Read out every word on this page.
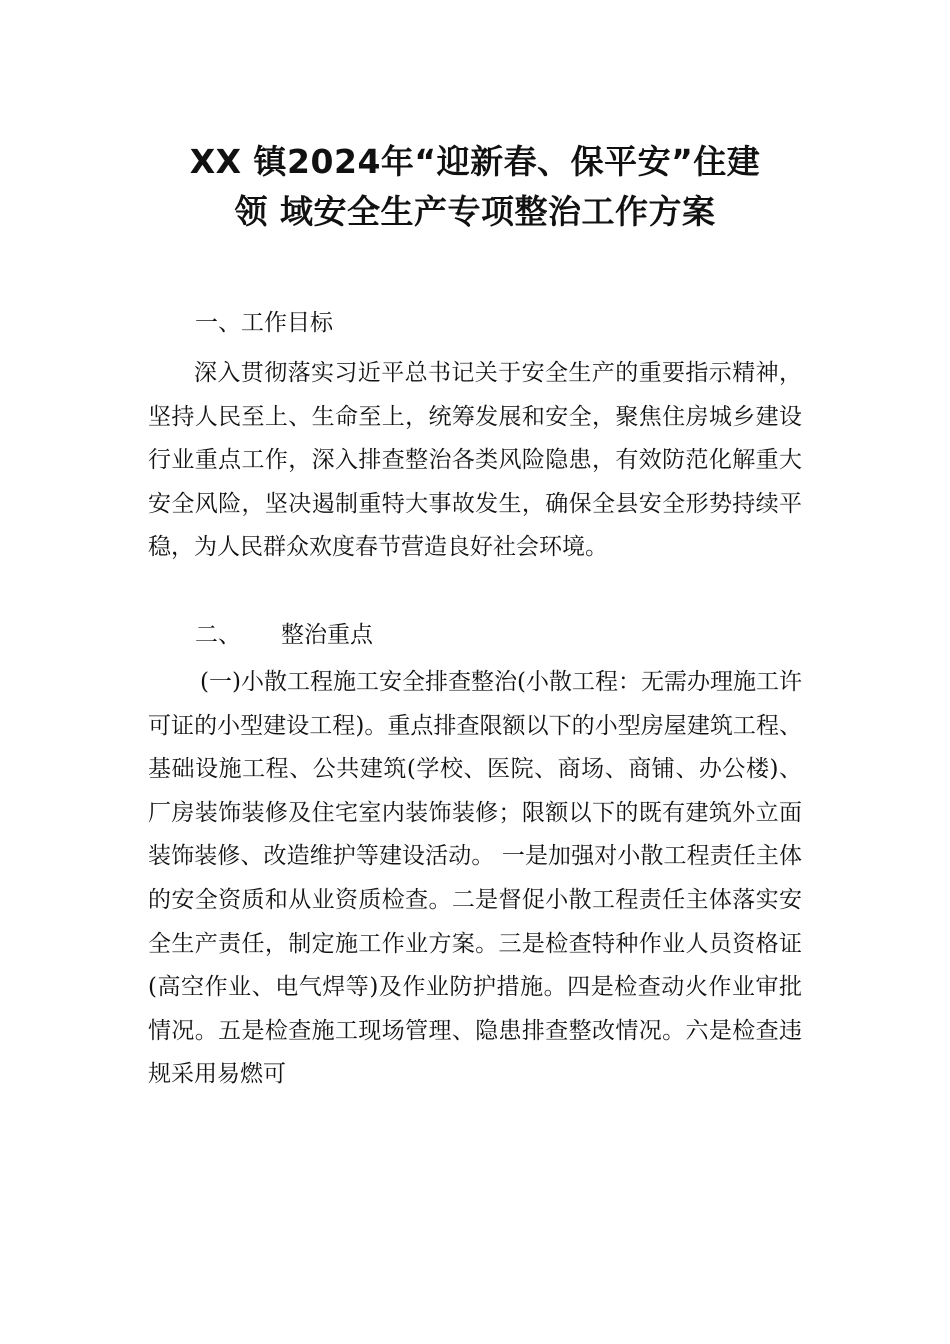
XX 镇2024年“迎新春、保平安”住建
领 域安全生产专项整治工作方案
一、工作目标
深入贯彻落实习近平总书记关于安全生产的重要指示精神，坚持人民至上、生命至上，统筹发展和安全，聚焦住房城乡建设行业重点工作，深入排查整治各类风险隐患，有效防范化解重大安全风险，坚决遏制重特大事故发生，确保全县安全形势持续平稳，为人民群众欢度春节营造良好社会环境。
二、 整治重点
(一)小散工程施工安全排查整治(小散工程：无需办理施工许可证的小型建设工程)。重点排查限额以下的小型房屋建筑工程、基础设施工程、公共建筑(学校、医院、商场、商铺、办公楼)、厂房装饰装修及住宅室内装饰装修；限额以下的既有建筑外立面装饰装修、改造维护等建设活动。 一是加强对小散工程责任主体的安全资质和从业资质检查。二是督促小散工程责任主体落实安全生产责任，制定施工作业方案。三是检查特种作业人员资格证(高空作业、电气焊等)及作业防护措施。四是检查动火作业审批情况。五是检查施工现场管理、隐患排查整改情况。六是检查违规采用易燃可
